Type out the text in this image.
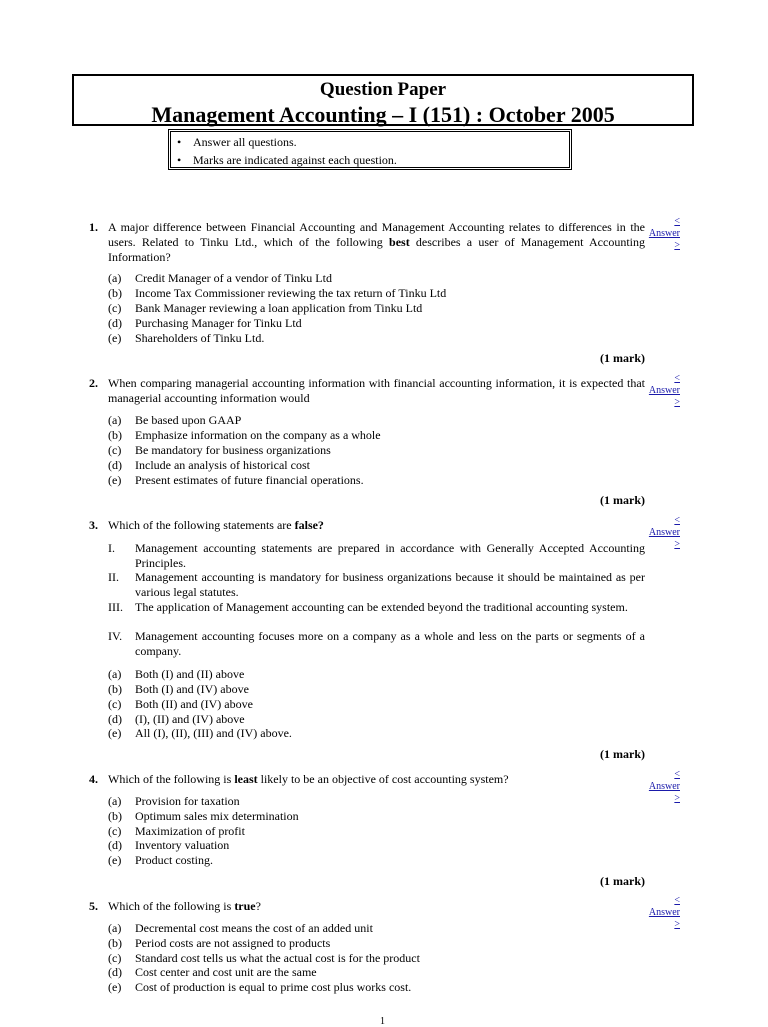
Question Paper
Management Accounting – I (151) : October 2005
• Answer all questions.
• Marks are indicated against each question.
1. A major difference between Financial Accounting and Management Accounting relates to differences in the users. Related to Tinku Ltd., which of the following best describes a user of Management Accounting Information?
<
Answer
>
(a) Credit Manager of a vendor of Tinku Ltd
(b) Income Tax Commissioner reviewing the tax return of Tinku Ltd
(c) Bank Manager reviewing a loan application from Tinku Ltd
(d) Purchasing Manager for Tinku Ltd
(e) Shareholders of Tinku Ltd.
(1 mark)
2. When comparing managerial accounting information with financial accounting information, it is expected that managerial accounting information would
<
Answer
>
(a) Be based upon GAAP
(b) Emphasize information on the company as a whole
(c) Be mandatory for business organizations
(d) Include an analysis of historical cost
(e) Present estimates of future financial operations.
(1 mark)
3. Which of the following statements are false?	<
Answer
>
I. Management accounting statements are prepared in accordance with Generally Accepted Accounting Principles.
II. Management accounting is mandatory for business organizations because it should be maintained as per various legal statutes.
III. The application of Management accounting can be extended beyond the traditional accounting system.
IV. Management accounting focuses more on a company as a whole and less on the parts or segments of a company.
(a) Both (I) and (II) above
(b) Both (I) and (IV) above
(c) Both (II) and (IV) above
(d) (I), (II) and (IV) above
(e) All (I), (II), (III) and (IV) above.
(1 mark)
4. Which of the following is least likely to be an objective of cost accounting system?	<
Answer
>
(a) Provision for taxation
(b) Optimum sales mix determination
(c) Maximization of profit
(d) Inventory valuation
(e) Product costing.
(1 mark)
5. Which of the following is true?	<
Answer
>
(a) Decremental cost means the cost of an added unit
(b) Period costs are not assigned to products
(c) Standard cost tells us what the actual cost is for the product
(d) Cost center and cost unit are the same
(e) Cost of production is equal to prime cost plus works cost.
1
